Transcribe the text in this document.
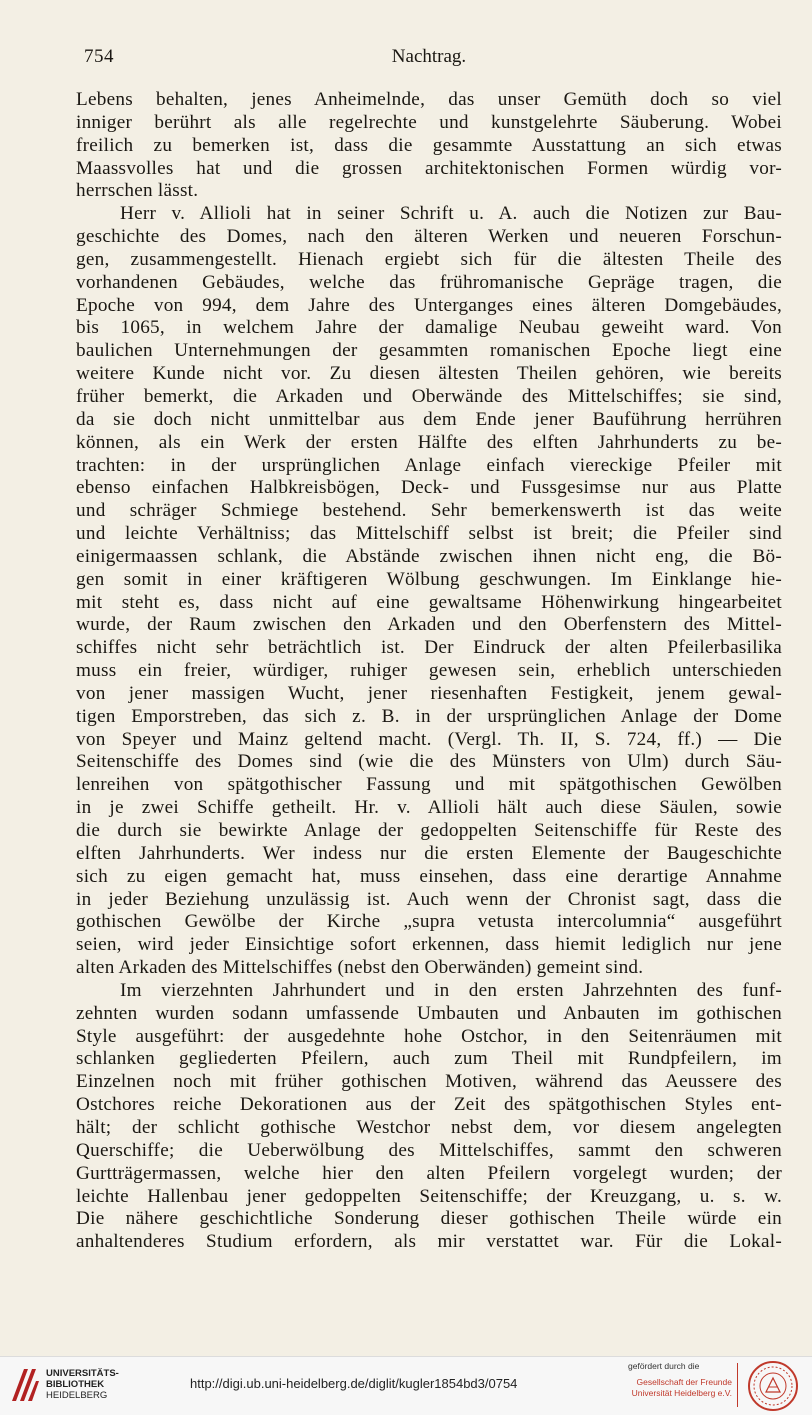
754	Nachtrag.
Lebens behalten, jenes Anheimelnde, das unser Gemüth doch so viel
inniger berührt als alle regelrechte und kunstgelehrte Säuberung. Wobei
freilich zu bemerken ist, dass die gesammte Ausstattung an sich etwas
Maassvolles hat und die grossen architektonischen Formen würdig vor-
herrschen lässt.
Herr v. Allioli hat in seiner Schrift u. A. auch die Notizen zur Bau-
geschichte des Domes, nach den älteren Werken und neueren Forschun-
gen, zusammengestellt. Hienach ergiebt sich für die ältesten Theile des
vorhandenen Gebäudes, welche das frühromanische Gepräge tragen, die
Epoche von 994, dem Jahre des Unterganges eines älteren Domgebäudes,
bis 1065, in welchem Jahre der damalige Neubau geweiht ward. Von
baulichen Unternehmungen der gesammten romanischen Epoche liegt eine
weitere Kunde nicht vor. Zu diesen ältesten Theilen gehören, wie bereits
früher bemerkt, die Arkaden und Oberwände des Mittelschiffes; sie sind,
da sie doch nicht unmittelbar aus dem Ende jener Bauführung herrühren
können, als ein Werk der ersten Hälfte des elften Jahrhunderts zu be-
trachten: in der ursprünglichen Anlage einfach viereckige Pfeiler mit
ebenso einfachen Halbkreisbögen, Deck- und Fussgesimse nur aus Platte
und schräger Schmiege bestehend. Sehr bemerkenswerth ist das weite
und leichte Verhältniss; das Mittelschiff selbst ist breit; die Pfeiler sind
einigermaassen schlank, die Abstände zwischen ihnen nicht eng, die Bö-
gen somit in einer kräftigeren Wölbung geschwungen. Im Einklange hie-
mit steht es, dass nicht auf eine gewaltsame Höhenwirkung hingearbeitet
wurde, der Raum zwischen den Arkaden und den Oberfenstern des Mittel-
schiffes nicht sehr beträchtlich ist. Der Eindruck der alten Pfeilerbasilika
muss ein freier, würdiger, ruhiger gewesen sein, erheblich unterschieden
von jener massigen Wucht, jener riesenhaften Festigkeit, jenem gewal-
tigen Emporstreben, das sich z. B. in der ursprünglichen Anlage der Dome
von Speyer und Mainz geltend macht. (Vergl. Th. II, S. 724, ff.) — Die
Seitenschiffe des Domes sind (wie die des Münsters von Ulm) durch Säu-
lenreihen von spätgothischer Fassung und mit spätgothischen Gewölben
in je zwei Schiffe getheilt. Hr. v. Allioli hält auch diese Säulen, sowie
die durch sie bewirkte Anlage der gedoppelten Seitenschiffe für Reste des
elften Jahrhunderts. Wer indess nur die ersten Elemente der Baugeschichte
sich zu eigen gemacht hat, muss einsehen, dass eine derartige Annahme
in jeder Beziehung unzulässig ist. Auch wenn der Chronist sagt, dass die
gothischen Gewölbe der Kirche „supra vetusta intercolumnia“ ausgeführt
seien, wird jeder Einsichtige sofort erkennen, dass hiemit lediglich nur jene
alten Arkaden des Mittelschiffes (nebst den Oberwänden) gemeint sind.
Im vierzehnten Jahrhundert und in den ersten Jahrzehnten des funf-
zehnten wurden sodann umfassende Umbauten und Anbauten im gothischen
Style ausgeführt: der ausgedehnte hohe Ostchor, in den Seitenräumen mit
schlanken gegliederten Pfeilern, auch zum Theil mit Rundpfeilern, im
Einzelnen noch mit früher gothischen Motiven, während das Aeussere des
Ostchores reiche Dekorationen aus der Zeit des spätgothischen Styles ent-
hält; der schlicht gothische Westchor nebst dem, vor diesem angelegten
Querschiffe; die Ueberwölbung des Mittelschiffes, sammt den schweren
Gurtträgermassen, welche hier den alten Pfeilern vorgelegt wurden; der
leichte Hallenbau jener gedoppelten Seitenschiffe; der Kreuzgang, u. s. w.
Die nähere geschichtliche Sonderung dieser gothischen Theile würde ein
anhaltenderes Studium erfordern, als mir verstattet war. Für die Lokal-
UNIVERSITÄTS-
BIBLIOTHEK
HEIDELBERG
http://digi.ub.uni-heidelberg.de/diglit/kugler1854bd3/0754
gefördert durch die
Gesellschaft der Freunde
Universität Heidelberg e.V.
